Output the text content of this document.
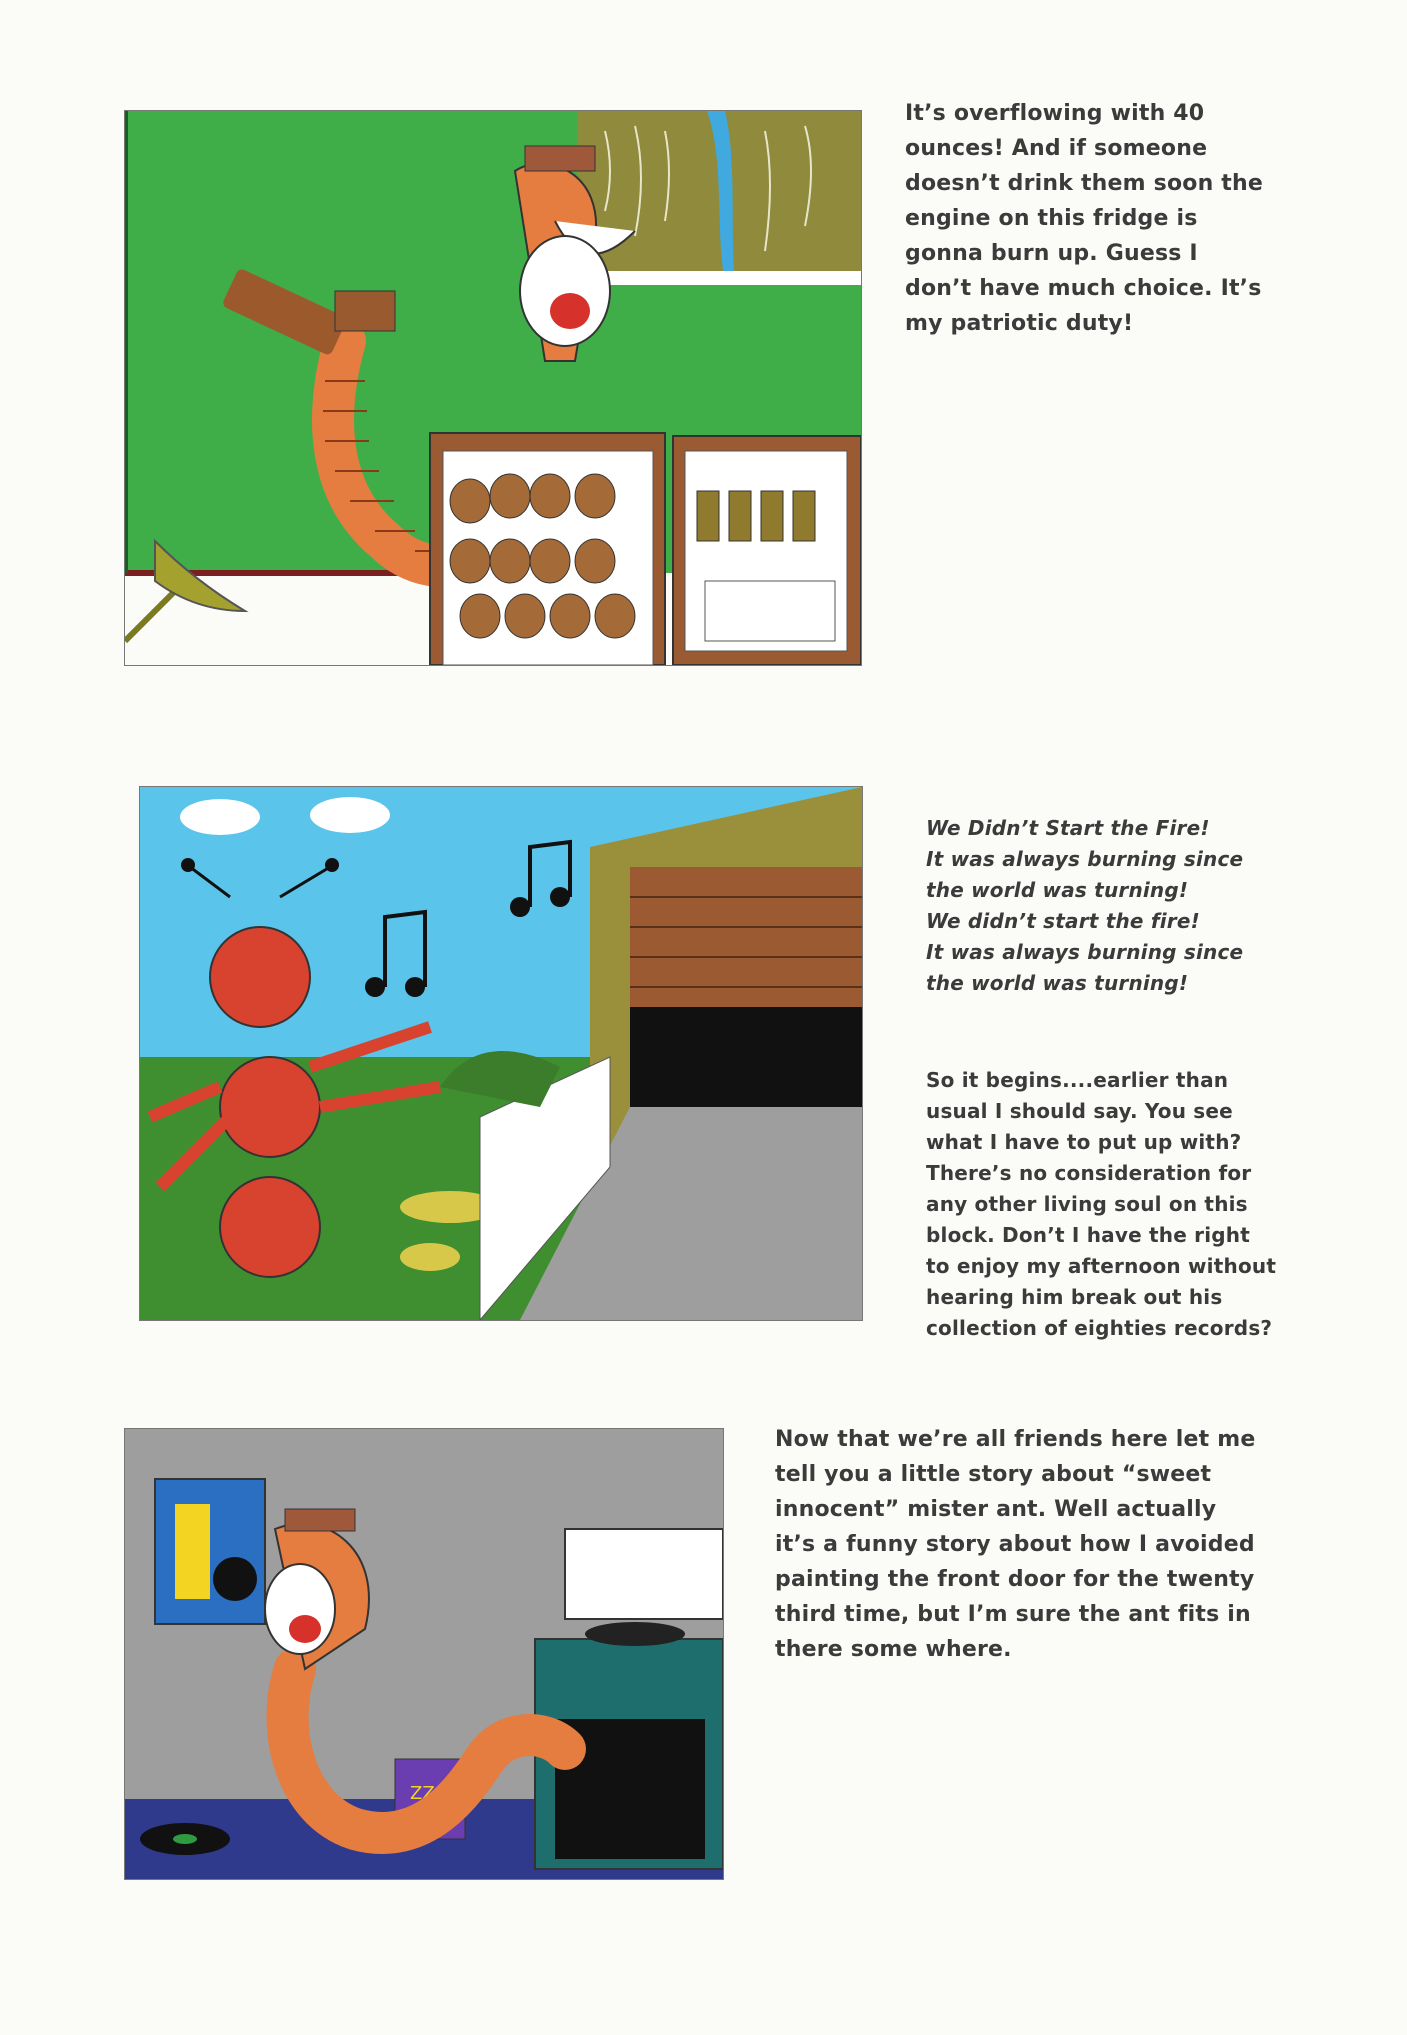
It’s overflowing with 40
ounces! And if someone
doesn’t drink them soon the
engine on this fridge is
gonna burn up. Guess I
don’t have much choice. It’s
my patriotic duty!

We Didn’t Start the Fire!
It was always burning since
the world was turning!
We didn’t start the fire!
It was always burning since
the world was turning!

So it begins....earlier than
usual I should say. You see
what I have to put up with?
There’s no consideration for
any other living soul on this
block. Don’t I have the right
to enjoy my afternoon without
hearing him break out his
collection of eighties records?

ZZ
Now that we’re all friends here let me
tell you a little story about “sweet
innocent” mister ant. Well actually
it’s a funny story about how I avoided
painting the front door for the twenty
third time, but I’m sure the ant fits in
there some where.
